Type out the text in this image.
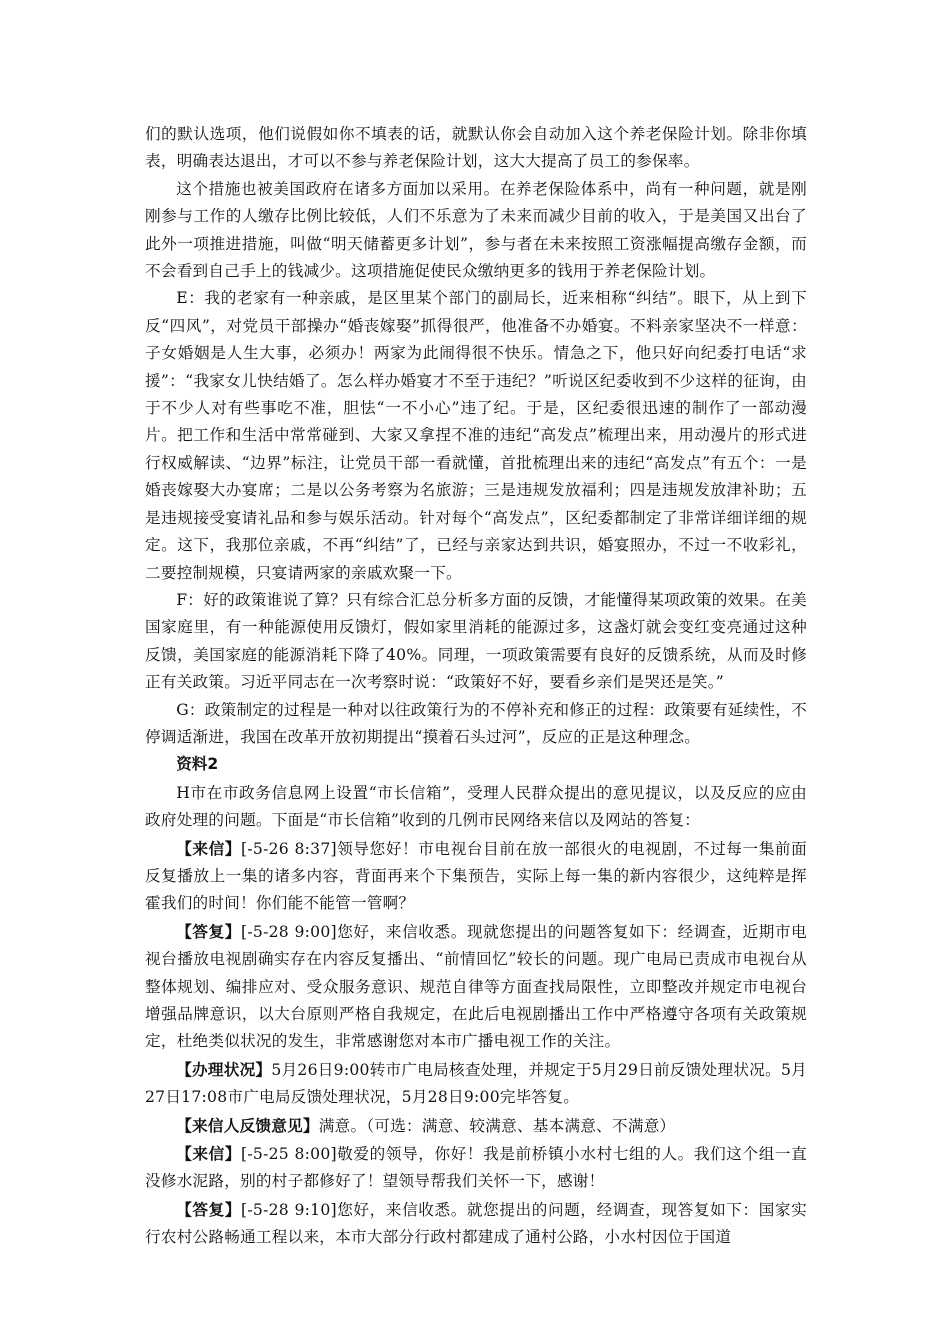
们的默认选项，他们说假如你不填表的话，就默认你会自动加入这个养老保险计划。除非你填表，明确表达退出，才可以不参与养老保险计划，这大大提高了员工的参保率。

这个措施也被美国政府在诸多方面加以采用。在养老保险体系中，尚有一种问题，就是刚刚参与工作的人缴存比例比较低，人们不乐意为了未来而减少目前的收入，于是美国又出台了此外一项推进措施，叫做“明天储蓄更多计划”，参与者在未来按照工资涨幅提高缴存金额，而不会看到自己手上的钱减少。这项措施促使民众缴纳更多的钱用于养老保险计划。

E：我的老家有一种亲戚，是区里某个部门的副局长，近来相称“纠结”。眼下，从上到下反“四风”，对党员干部操办“婚丧嫁娶”抓得很严，他准备不办婚宴。不料亲家坚决不一样意：子女婚姻是人生大事，必须办！两家为此闹得很不快乐。情急之下，他只好向纪委打电话“求援”：“我家女儿快结婚了。怎么样办婚宴才不至于违纪？”听说区纪委收到不少这样的征询，由于不少人对有些事吃不准，胆怯“一不小心”违了纪。于是，区纪委很迅速的制作了一部动漫片。把工作和生活中常常碰到、大家又拿捏不准的违纪“高发点”梳理出来，用动漫片的形式进行权威解读、“边界”标注，让党员干部一看就懂，首批梳理出来的违纪“高发点”有五个：一是婚丧嫁娶大办宴席；二是以公务考察为名旅游；三是违规发放福利；四是违规发放津补助；五是违规接受宴请礼品和参与娱乐活动。针对每个“高发点”，区纪委都制定了非常详细详细的规定。这下，我那位亲戚，不再“纠结”了，已经与亲家达到共识，婚宴照办，不过一不收彩礼，二要控制规模，只宴请两家的亲戚欢聚一下。

F：好的政策谁说了算？只有综合汇总分析多方面的反馈，才能懂得某项政策的效果。在美国家庭里，有一种能源使用反馈灯，假如家里消耗的能源过多，这盏灯就会变红变亮通过这种反馈，美国家庭的能源消耗下降了40%。同理，一项政策需要有良好的反馈系统，从而及时修正有关政策。习近平同志在一次考察时说：“政策好不好，要看乡亲们是哭还是笑。”

G：政策制定的过程是一种对以往政策行为的不停补充和修正的过程：政策要有延续性，不停调适渐进，我国在改革开放初期提出“摸着石头过河”，反应的正是这种理念。

资料2

H市在市政务信息网上设置“市长信箱”，受理人民群众提出的意见提议，以及反应的应由政府处理的问题。下面是“市长信箱”收到的几例市民网络来信以及网站的答复：

【来信】[-5-26 8:37]领导您好！市电视台目前在放一部很火的电视剧，不过每一集前面反复播放上一集的诸多内容，背面再来个下集预告，实际上每一集的新内容很少，这纯粹是挥霍我们的时间！你们能不能管一管啊？

【答复】[-5-28 9:00]您好，来信收悉。现就您提出的问题答复如下：经调查，近期市电视台播放电视剧确实存在内容反复播出、“前情回忆”较长的问题。现广电局已责成市电视台从整体规划、编排应对、受众服务意识、规范自律等方面查找局限性，立即整改并规定市电视台增强品牌意识，以大台原则严格自我规定，在此后电视剧播出工作中严格遵守各项有关政策规定，杜绝类似状况的发生，非常感谢您对本市广播电视工作的关注。

【办理状况】5月26日9:00转市广电局核查处理，并规定于5月29日前反馈处理状况。5月27日17:08市广电局反馈处理状况，5月28日9:00完毕答复。

【来信人反馈意见】满意。（可选：满意、较满意、基本满意、不满意）

【来信】[-5-25 8:00]敬爱的领导，你好！我是前桥镇小水村七组的人。我们这个组一直没修水泥路，别的村子都修好了！望领导帮我们关怀一下，感谢！

【答复】[-5-28 9:10]您好，来信收悉。就您提出的问题，经调查，现答复如下：国家实行农村公路畅通工程以来，本市大部分行政村都建成了通村公路，小水村因位于国道
